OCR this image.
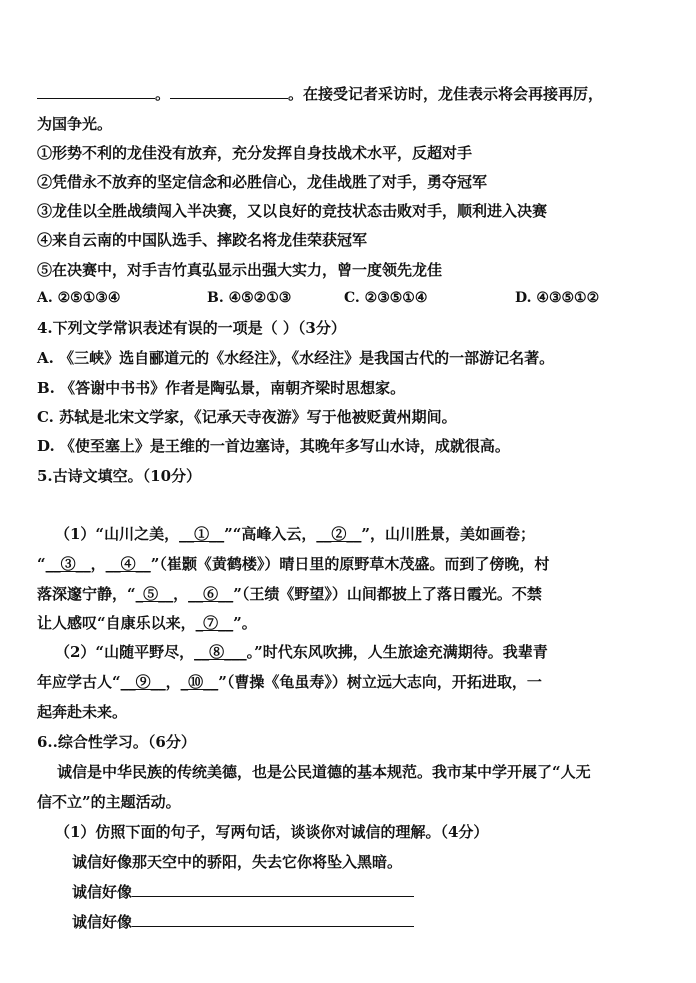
。	。在接受记者采访时，龙佳表示将会再接再厉，
为国争光。
①形势不利的龙佳没有放弃，充分发挥自身技战术水平，反超对手
②凭借永不放弃的坚定信念和必胜信心，龙佳战胜了对手，勇夺冠军
③龙佳以全胜战绩闯入半决赛，又以良好的竞技状态击败对手，顺利进入决赛
④来自云南的中国队选手、摔跤名将龙佳荣获冠军
⑤在决赛中，对手吉竹真弘显示出强大实力，曾一度领先龙佳
A. ②⑤①③④	B. ④⑤②①③	C. ②③⑤①④	D. ④③⑤①②
4.下列文学常识表述有误的一项是（ ）（3分）
A. 《三峡》选自郦道元的《水经注》，《水经注》是我国古代的一部游记名著。
B. 《答谢中书书》作者是陶弘景，南朝齐梁时思想家。
C. 苏轼是北宋文学家，《记承天寺夜游》写于他被贬黄州期间。
D. 《使至塞上》是王维的一首边塞诗，其晚年多写山水诗，成就很高。
5.古诗文填空。（10分）
（1）“山川之美，__①__”“高峰入云，__②__”，山川胜景，美如画卷；
“__③__，__④__”（崔颢《黄鹤楼》）晴日里的原野草木茂盛。而到了傍晚，村
落深邃宁静，“_⑤__，__⑥__”（王绩《野望》）山间都披上了落日霞光。不禁
让人感叹“自康乐以来，_⑦__”。
（2）“山随平野尽，__⑧___。”时代东风吹拂，人生旅途充满期待。我辈青
年应学古人“__⑨__，_⑩__”（曹操《龟虽寿》）树立远大志向，开拓进取，一
起奔赴未来。
6..综合性学习。（6分）
诚信是中华民族的传统美德，也是公民道德的基本规范。我市某中学开展了“人无
信不立”的主题活动。
（1）仿照下面的句子，写两句话，谈谈你对诚信的理解。（4分）
诚信好像那天空中的骄阳，失去它你将坠入黑暗。
诚信好像
诚信好像
